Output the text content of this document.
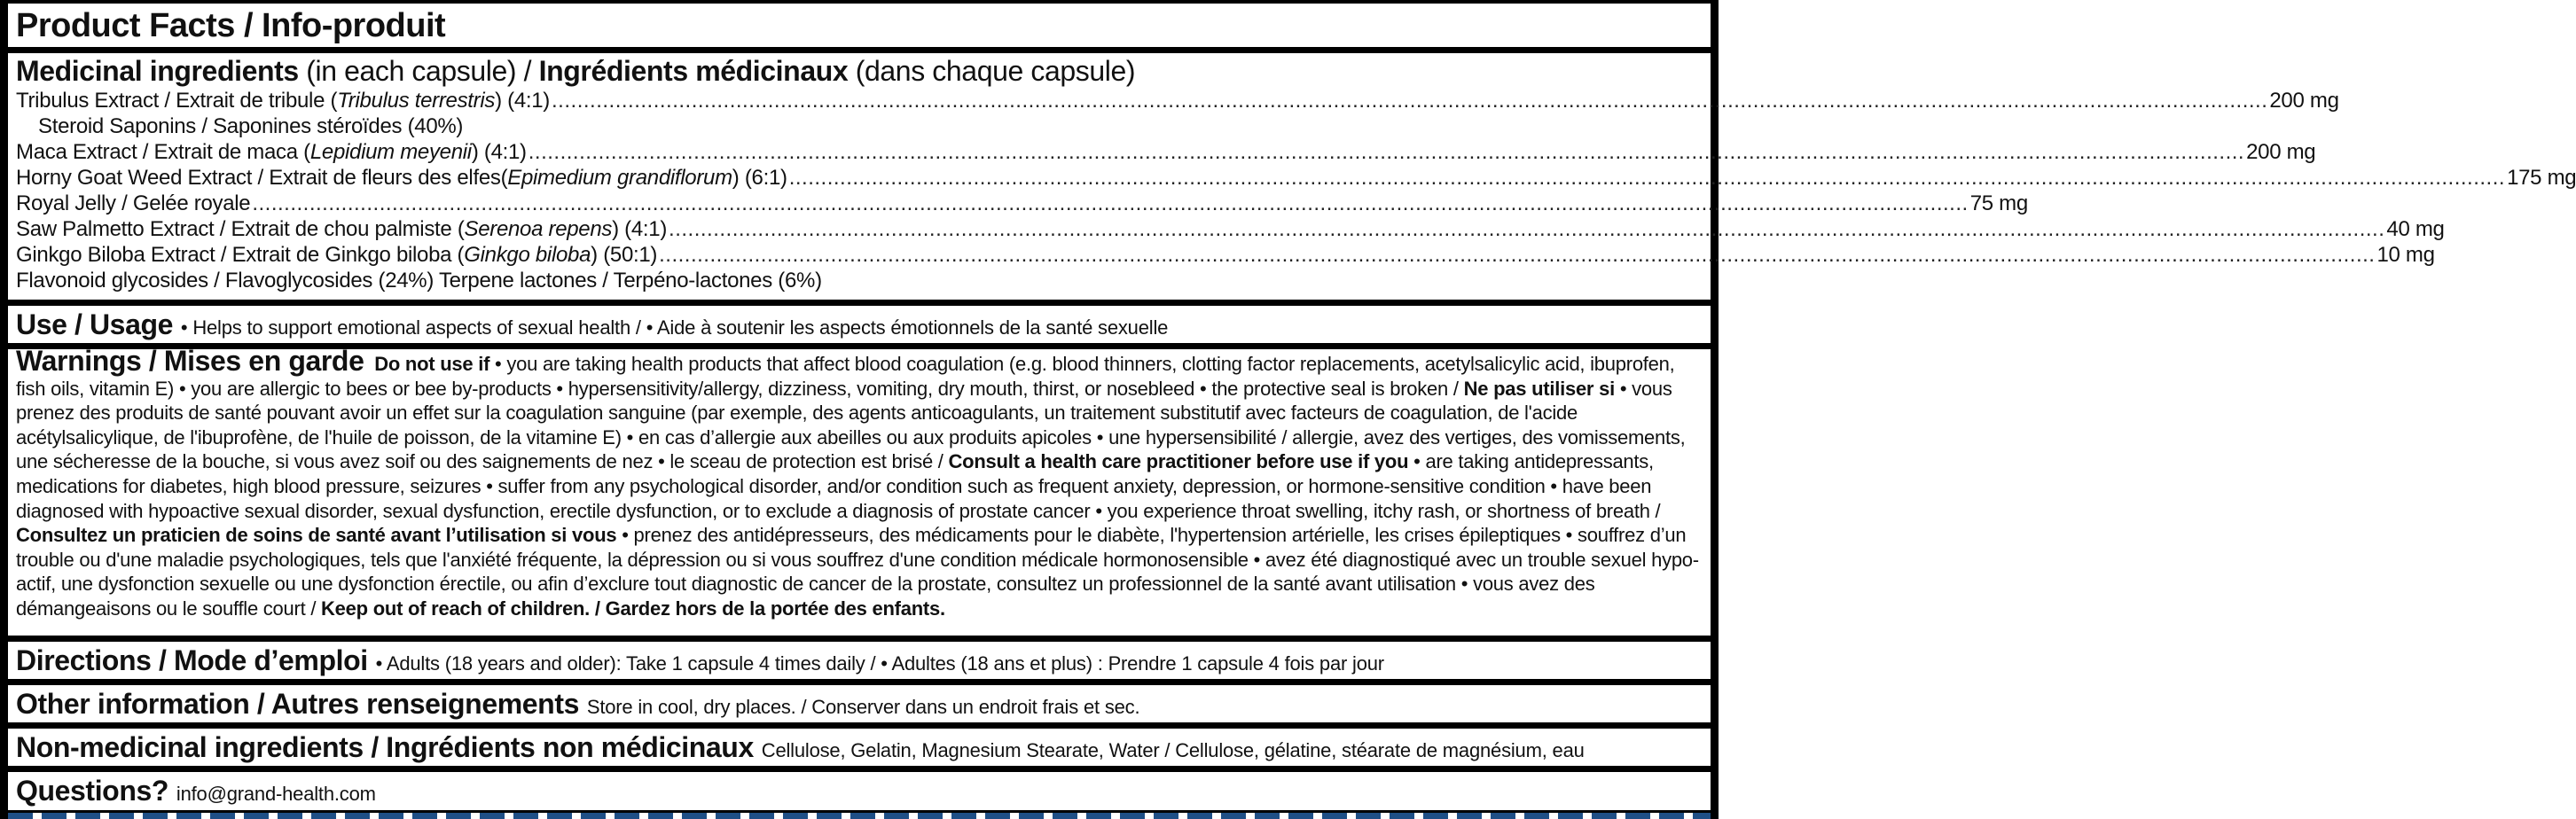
Product Facts / Info-produit
Medicinal ingredients (in each capsule) / Ingrédients médicinaux (dans chaque capsule)
Tribulus Extract / Extrait de tribule (Tribulus terrestris) (4:1) .............................................................................................................................................................................................................................................................................. 200 mg
Steroid Saponins / Saponines stéroïdes (40%)
Maca Extract / Extrait de maca (Lepidium meyenii) (4:1) .............................................................................................................................................................................................................................................................................. 200 mg
Horny Goat Weed Extract / Extrait de fleurs des elfes(Epimedium grandiflorum) (6:1) .............................................................................................................................................................................................................................................................................. 175 mg
Royal Jelly / Gelée royale .............................................................................................................................................................................................................................................................................. 75 mg
Saw Palmetto Extract / Extrait de chou palmiste (Serenoa repens) (4:1) .............................................................................................................................................................................................................................................................................. 40 mg
Ginkgo Biloba Extract / Extrait de Ginkgo biloba (Ginkgo biloba) (50:1) .............................................................................................................................................................................................................................................................................. 10 mg
Flavonoid glycosides / Flavoglycosides (24%) Terpene lactones / Terpéno-lactones (6%)
Use / Usage • Helps to support emotional aspects of sexual health / • Aide à soutenir les aspects émotionnels de la santé sexuelle
Warnings / Mises en garde Do not use if • you are taking health products that affect blood coagulation (e.g. blood thinners, clotting factor replacements, acetylsalicylic acid, ibuprofen, fish oils, vitamin E) • you are allergic to bees or bee by-products • hypersensitivity/allergy, dizziness, vomiting, dry mouth, thirst, or nosebleed • the protective seal is broken / Ne pas utiliser si • vous prenez des produits de santé pouvant avoir un effet sur la coagulation sanguine (par exemple, des agents anticoagulants, un traitement substitutif avec facteurs de coagulation, de l'acide acétylsalicylique, de l'ibuprofène, de l'huile de poisson, de la vitamine E) • en cas d’allergie aux abeilles ou aux produits apicoles • une hypersensibilité / allergie, avez des vertiges, des vomissements, une sécheresse de la bouche, si vous avez soif ou des saignements de nez • le sceau de protection est brisé / Consult a health care practitioner before use if you • are taking antidepressants, medications for diabetes, high blood pressure, seizures • suffer from any psychological disorder, and/or condition such as frequent anxiety, depression, or hormone-sensitive condition • have been diagnosed with hypoactive sexual disorder, sexual dysfunction, erectile dysfunction, or to exclude a diagnosis of prostate cancer • you experience throat swelling, itchy rash, or shortness of breath / Consultez un praticien de soins de santé avant l’utilisation si vous • prenez des antidépresseurs, des médicaments pour le diabète, l'hypertension artérielle, les crises épileptiques • souffrez d’un trouble ou d'une maladie psychologiques, tels que l'anxiété fréquente, la dépression ou si vous souffrez d'une condition médicale hormonosensible • avez été diagnostiqué avec un trouble sexuel hypo-actif, une dysfonction sexuelle ou une dysfonction érectile, ou afin d’exclure tout diagnostic de cancer de la prostate, consultez un professionnel de la santé avant utilisation • vous avez des démangeaisons ou le souffle court / Keep out of reach of children. / Gardez hors de la portée des enfants.
Directions / Mode d’emploi • Adults (18 years and older): Take 1 capsule 4 times daily / • Adultes (18 ans et plus) : Prendre 1 capsule 4 fois par jour
Other information / Autres renseignements Store in cool, dry places. / Conserver dans un endroit frais et sec.
Non-medicinal ingredients / Ingrédients non médicinaux Cellulose, Gelatin, Magnesium Stearate, Water / Cellulose, gélatine, stéarate de magnésium, eau
Questions? info@grand-health.com
